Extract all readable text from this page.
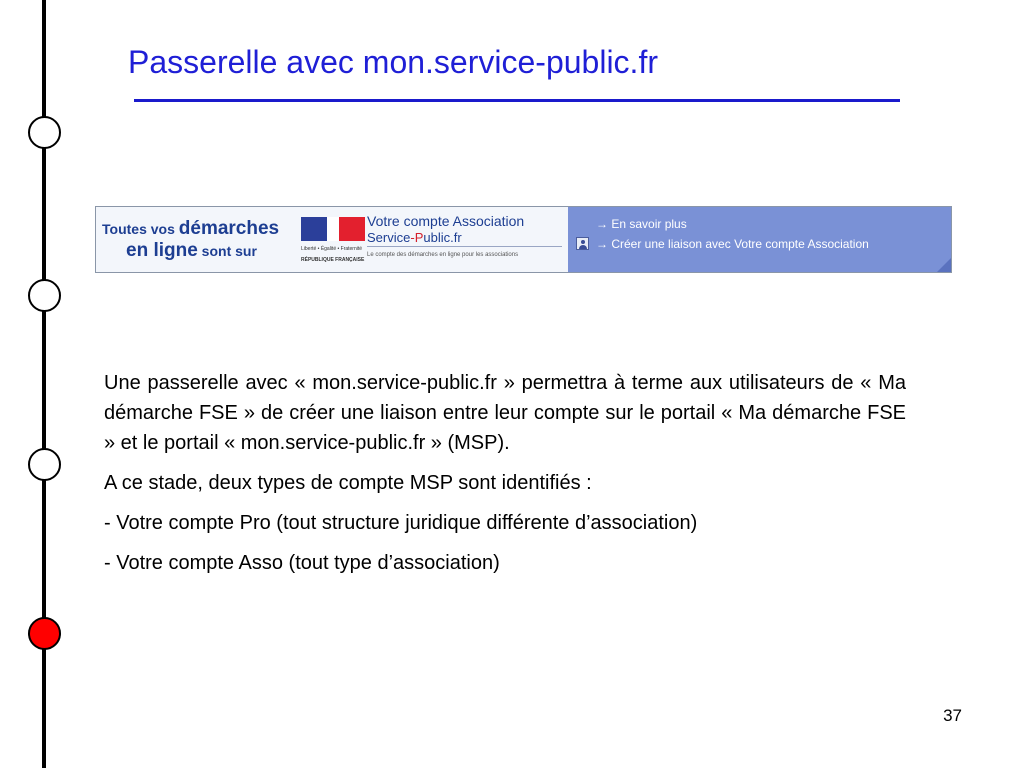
Passerelle avec mon.service-public.fr
Toutes vos démarches
en ligne sont sur	Liberté • Égalité • Fraternité
RÉPUBLIQUE FRANÇAISE
Votre compte Association
Service-Public.fr
Le compte des démarches en ligne pour les associations
→ En savoir plus
→ Créer une liaison avec Votre compte Association

Une passerelle avec « mon.service-public.fr » permettra à terme aux utilisateurs de « Ma démarche FSE » de créer une liaison entre leur compte sur le portail « Ma démarche FSE » et le portail « mon.service-public.fr » (MSP).

A ce stade, deux types de compte MSP sont identifiés :

- Votre compte Pro (tout structure juridique différente d’association)

- Votre compte Asso (tout type d’association)

37
